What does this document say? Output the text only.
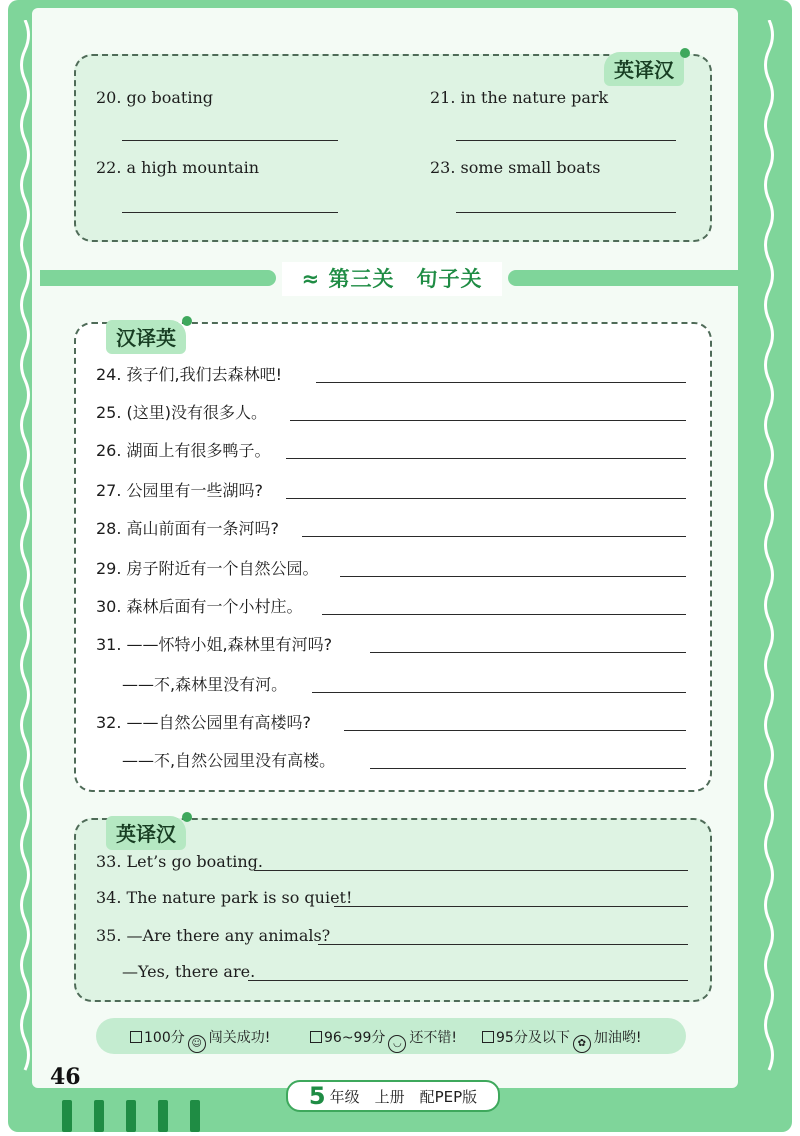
英译汉
20. go boating	21. in the nature park
22. a high mountain	23. some small boats
≈ 第三关　句子关
汉译英
24. 孩子们,我们去森林吧!
25. (这里)没有很多人。
26. 湖面上有很多鸭子。
27. 公园里有一些湖吗?
28. 高山前面有一条河吗?
29. 房子附近有一个自然公园。
30. 森林后面有一个小村庄。
31. ——怀特小姐,森林里有河吗?
——不,森林里没有河。
32. ——自然公园里有高楼吗?
——不,自然公园里没有高楼。
英译汉
33. Let’s go boating.
34. The nature park is so quiet!
35. —Are there any animals?
—Yes, there are.
100分 ☺ 闯关成功!	96~99分 ◡ 还不错!	95分及以下 ✿ 加油哟!
46
5 年级　上册　配PEP版
